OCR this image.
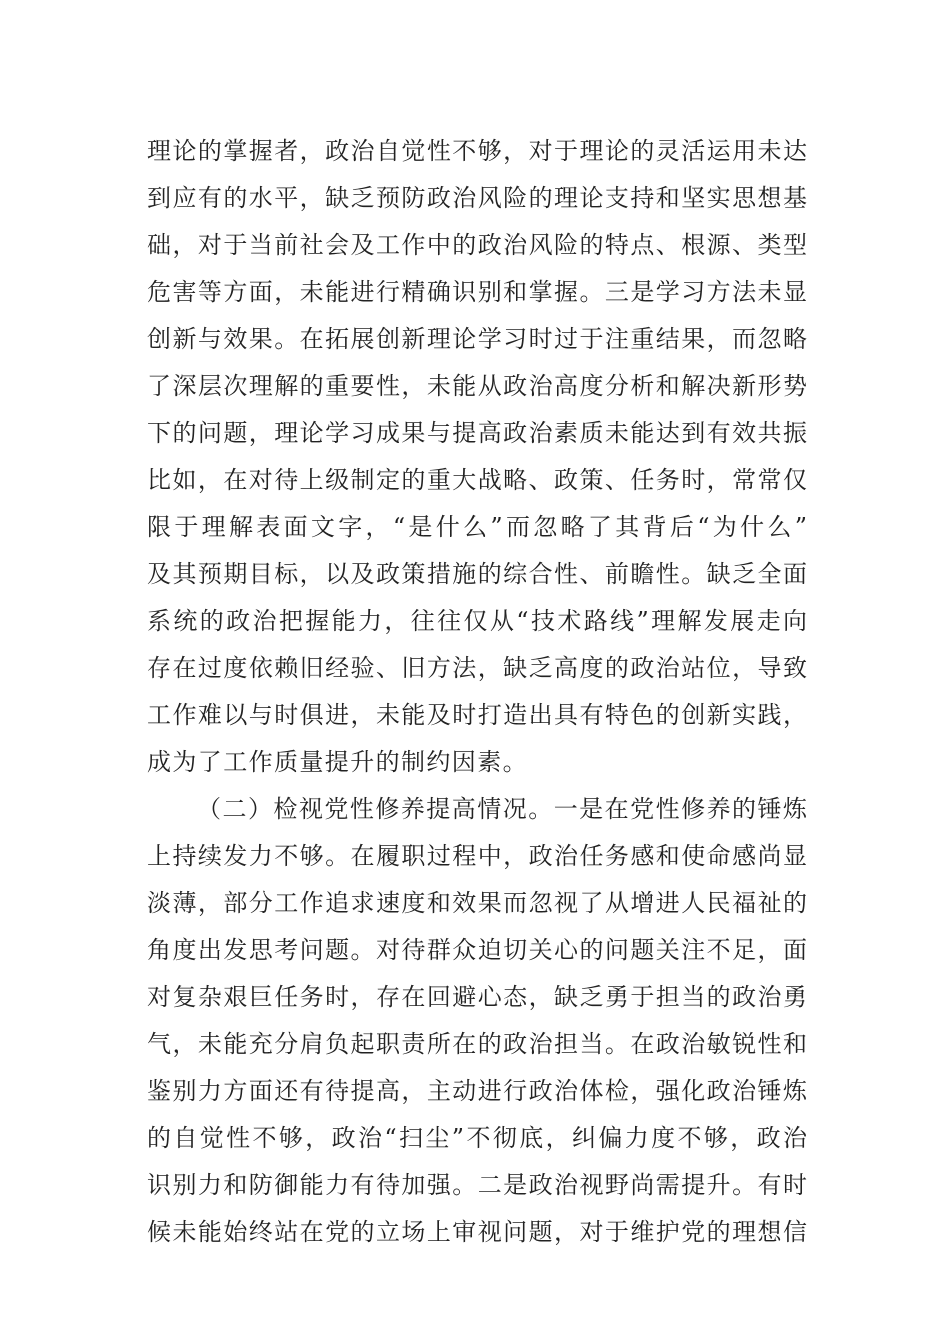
理论的掌握者，政治自觉性不够，对于理论的灵活运用未达
到应有的水平，缺乏预防政治风险的理论支持和坚实思想基
础，对于当前社会及工作中的政治风险的特点、根源、类型
危害等方面，未能进行精确识别和掌握。三是学习方法未显
创新与效果。在拓展创新理论学习时过于注重结果，而忽略
了深层次理解的重要性，未能从政治高度分析和解决新形势
下的问题，理论学习成果与提高政治素质未能达到有效共振
比如，在对待上级制定的重大战略、政策、任务时，常常仅
限于理解表面文字，“是什么”而忽略了其背后“为什么”
及其预期目标，以及政策措施的综合性、前瞻性。缺乏全面
系统的政治把握能力，往往仅从“技术路线”理解发展走向
存在过度依赖旧经验、旧方法，缺乏高度的政治站位，导致
工作难以与时俱进，未能及时打造出具有特色的创新实践，
成为了工作质量提升的制约因素。
（二）检视党性修养提高情况。一是在党性修养的锤炼
上持续发力不够。在履职过程中，政治任务感和使命感尚显
淡薄，部分工作追求速度和效果而忽视了从增进人民福祉的
角度出发思考问题。对待群众迫切关心的问题关注不足，面
对复杂艰巨任务时，存在回避心态，缺乏勇于担当的政治勇
气，未能充分肩负起职责所在的政治担当。在政治敏锐性和
鉴别力方面还有待提高，主动进行政治体检，强化政治锤炼
的自觉性不够，政治“扫尘”不彻底，纠偏力度不够，政治
识别力和防御能力有待加强。二是政治视野尚需提升。有时
候未能始终站在党的立场上审视问题，对于维护党的理想信
